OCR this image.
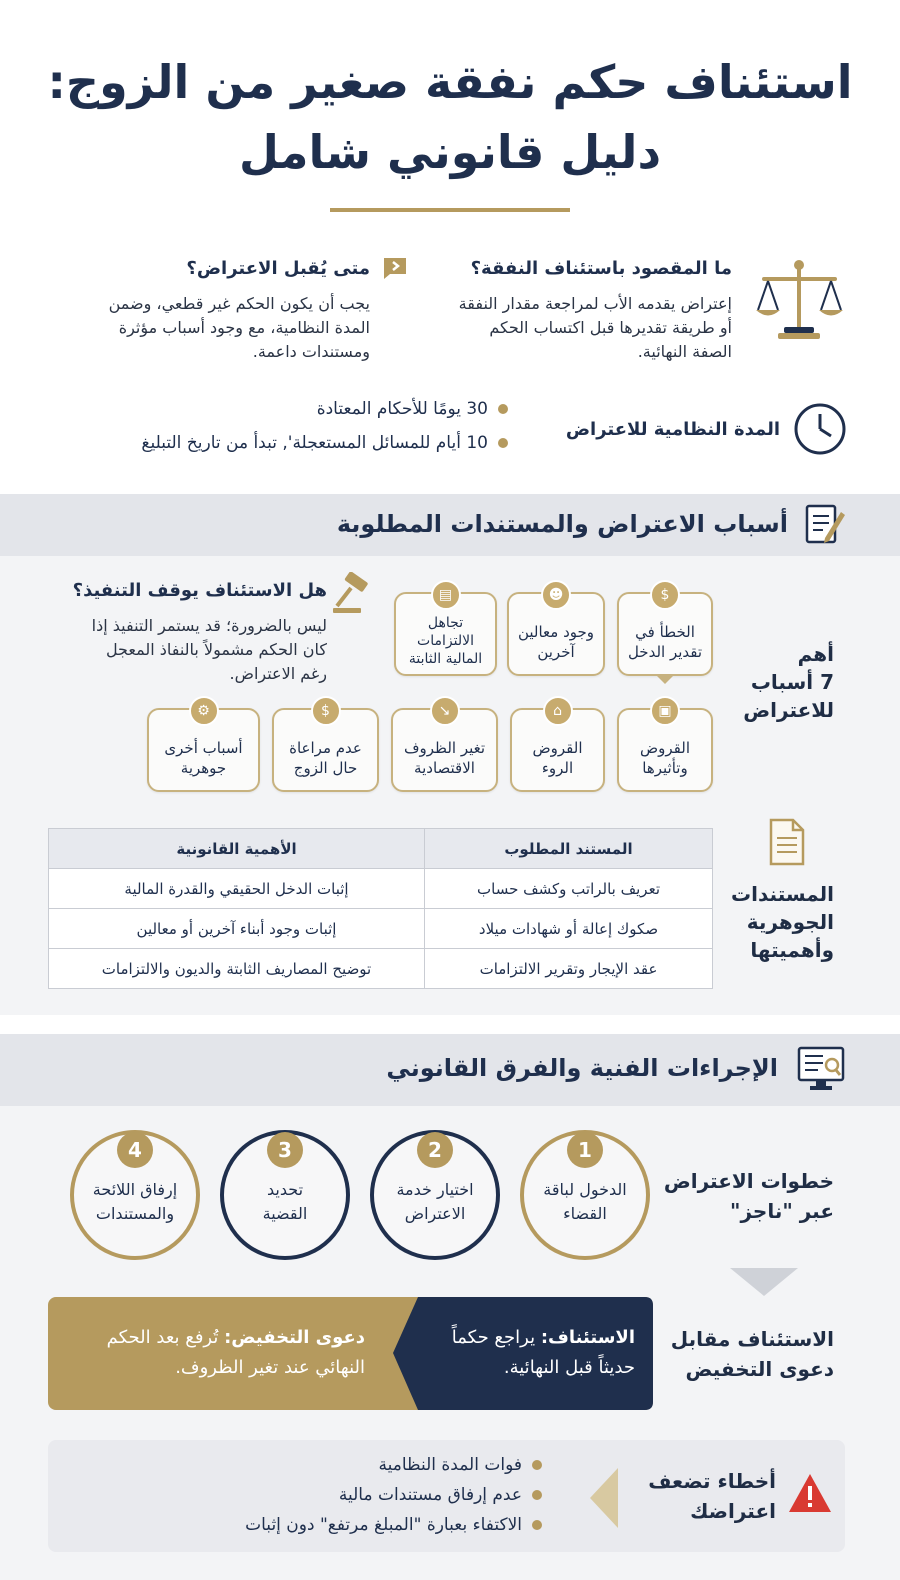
استئناف حكم نفقة صغير من الزوج:
دليل قانوني شامل
ما المقصود باستئناف النفقة؟
إعتراض يقدمه الأب لمراجعة مقدار النفقة
أو طريقة تقديرها قبل اكتساب الحكم
الصفة النهائية.
متى يُقبل الاعتراض؟
يجب أن يكون الحكم غير قطعي، وضمن
المدة النظامية، مع وجود أسباب مؤثرة
ومستندات داعمة.
المدة النظامية للاعتراض
30 يومًا للأحكام المعتادة
10 أيام للمسائل المستعجلة', تبدأ من تاريخ التبليغ
أسباب الاعتراض والمستندات المطلوبة
أهم
7 أسباب
للاعتراض
$
الخطأ في تقدير الدخل
☻
وجود معالين آخرين
▤
تجاهل الالتزامات المالية الثابتة
هل الاستئناف يوقف التنفيذ؟
ليس بالضرورة؛ قد يستمر التنفيذ إذا
كان الحكم مشمولاً بالنفاذ المعجل
رغم الاعتراض.
▣
القروض وتأثيرها
⌂
القروض الروء
↘
تغير الظروف الاقتصادية
$
عدم مراعاة حال الزوج
⚙
أسباب أخرى جوهرية
المستندات
الجوهرية
وأهميتها
المستند المطلوب	الأهمية القانونية
تعريف بالراتب وكشف حساب	إثبات الدخل الحقيقي والقدرة المالية
صكوك إعالة أو شهادات ميلاد	إثبات وجود أبناء آخرين أو معالين
عقد الإيجار وتقرير الالتزامات	توضيح المصاريف الثابتة والديون والالتزامات
الإجراءات الفنية والفرق القانوني
خطوات الاعتراض
عبر "ناجز"
1
الدخول لباقة
القضاء
2
اختيار خدمة
الاعتراض
3
تحديد
القضية
4
إرفاق اللائحة
والمستندات
الاستئناف مقابل
دعوى التخفيض
الاستئناف: يراجع حكماً
حديثاً قبل النهائية.
دعوى التخفيض: تُرفع بعد الحكم
النهائي عند تغير الظروف.
أخطاء تضعف
اعتراضك
فوات المدة النظامية
عدم إرفاق مستندات مالية
الاكتفاء بعبارة "المبلغ مرتفع" دون إثبات
